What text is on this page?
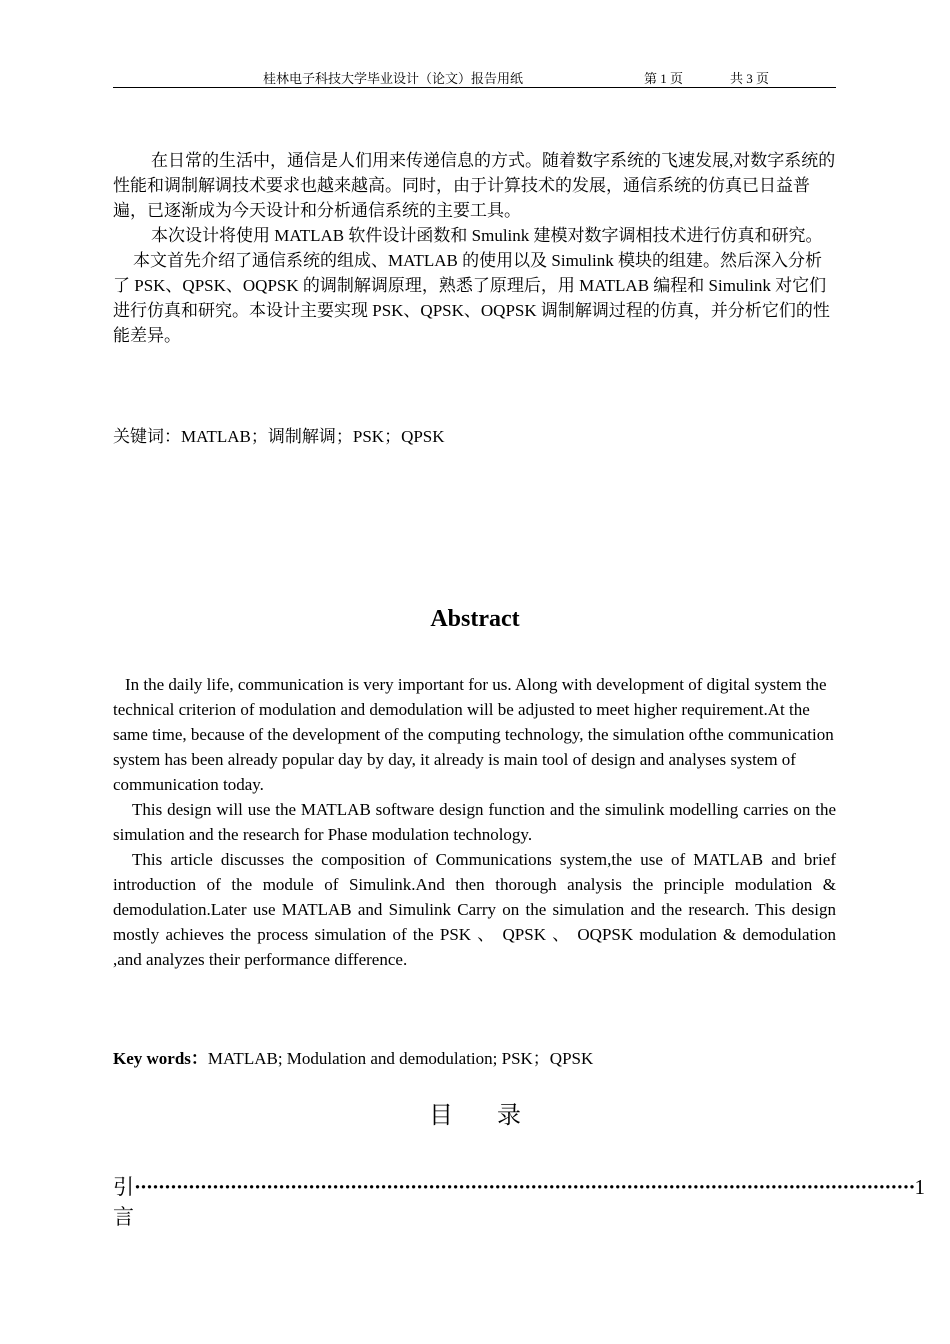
桂林电子科技大学毕业设计（论文）报告用纸	第 1 页	共 3 页

在日常的生活中，通信是人们用来传递信息的方式。随着数字系统的飞速发展,对数字系统的性能和调制解调技术要求也越来越高。同时，由于计算技术的发展，通信系统的仿真已日益普遍，已逐渐成为今天设计和分析通信系统的主要工具。

本次设计将使用 MATLAB 软件设计函数和 Smulink 建模对数字调相技术进行仿真和研究。

本文首先介绍了通信系统的组成、MATLAB 的使用以及 Simulink 模块的组建。然后深入分析了 PSK、QPSK、OQPSK 的调制解调原理，熟悉了原理后，用 MATLAB 编程和 Simulink 对它们进行仿真和研究。本设计主要实现 PSK、QPSK、OQPSK 调制解调过程的仿真，并分析它们的性能差异。

关键词：MATLAB；调制解调；PSK；QPSK
Abstract

In the daily life, communication is very important for us. Along with development of digital system the technical criterion of modulation and demodulation will be adjusted to meet higher requirement.At the same time, because of the development of the computing technology, the simulation ofthe communication system has been already popular day by day, it already is main tool of design and analyses system of communication today.

This design will use the MATLAB software design function and the simulink modelling carries on the simulation and the research for Phase modulation technology.

This article discusses the composition of Communications system,the use of MATLAB and brief introduction of the module of Simulink.And then thorough analysis the principle modulation & demodulation.Later use MATLAB and Simulink Carry on the simulation and the research. This design mostly achieves the process simulation of the PSK 、 QPSK 、 OQPSK modulation & demodulation ,and analyzes their performance difference.

Key words：MATLAB; Modulation and demodulation; PSK；QPSK
目录
引言
·································································································································· 1
